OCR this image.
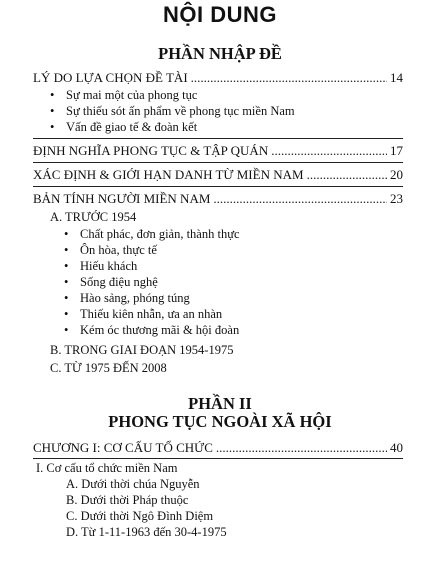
NỘI DUNG
PHẦN NHẬP ĐỀ
LÝ DO LỰA CHỌN ĐỀ TÀI .....	14
• Sự mai một của phong tục
• Sự thiếu sót ấn phẩm về phong tục miền Nam
• Vấn đề giao tế & đoàn kết
ĐỊNH NGHĨA PHONG TỤC & TẬP QUÁN .....	17
XÁC ĐỊNH & GIỚI HẠN DANH TỪ MIỀN NAM .....	20
BẢN TÍNH NGƯỜI MIỀN NAM .....	23
A. TRƯỚC 1954
• Chất phác, đơn giản, thành thực
• Ôn hòa, thực tế
• Hiếu khách
• Sống điệu nghệ
• Hào sảng, phóng túng
• Thiếu kiên nhẫn, ưa an nhàn
• Kém óc thương mãi & hội đoàn
B. TRONG GIAI ĐOẠN 1954-1975
C. TỪ 1975 ĐẾN 2008
PHẦN II
PHONG TỤC NGOÀI XÃ HỘI
CHƯƠNG I: CƠ CẤU TỔ CHỨC .....	40
I. Cơ cấu tổ chức miền Nam
A. Dưới thời chúa Nguyễn
B. Dưới thời Pháp thuộc
C. Dưới thời Ngô Đình Diệm
D. Từ 1-11-1963 đến 30-4-1975
